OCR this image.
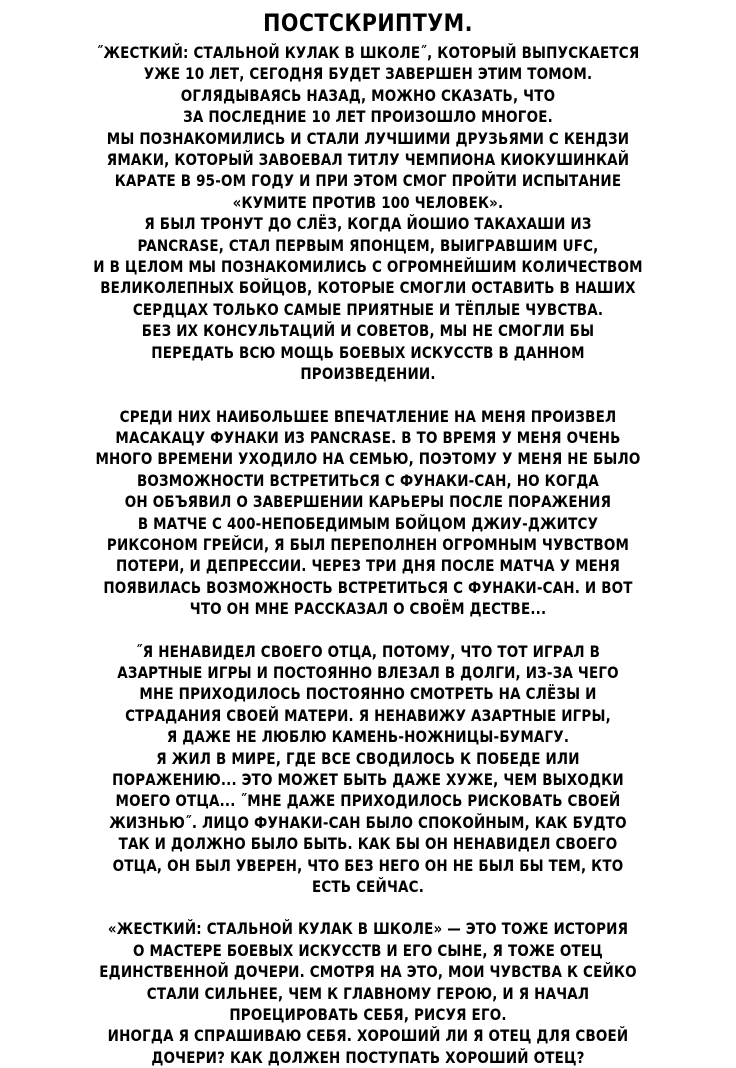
ПОСТСКРИПТУМ.
˝ЖЕСТКИЙ: СТАЛЬНОЙ КУЛАК В ШКОЛЕ˝, КОТОРЫЙ ВЫПУСКАЕТСЯ
УЖЕ 10 ЛЕТ, СЕГОДНЯ БУДЕТ ЗАВЕРШЕН ЭТИМ ТОМОМ.
ОГЛЯДЫВАЯСЬ НАЗАД, МОЖНО СКАЗАТЬ, ЧТО
ЗА ПОСЛЕДНИЕ 10 ЛЕТ ПРОИЗОШЛО МНОГОЕ.
МЫ ПОЗНАКОМИЛИСЬ И СТАЛИ ЛУЧШИМИ ДРУЗЬЯМИ С КЕНДЗИ
ЯМАКИ, КОТОРЫЙ ЗАВОЕВАЛ ТИТЛУ ЧЕМПИОНА КИОКУШИНКАЙ
КАРАТЕ В 95-ОМ ГОДУ И ПРИ ЭТОМ СМОГ ПРОЙТИ ИСПЫТАНИЕ
«КУМИТЕ ПРОТИВ 100 ЧЕЛОВЕК».
Я БЫЛ ТРОНУТ ДО СЛЁЗ, КОГДА ЙОШИО ТАКАХАШИ ИЗ
PANCRASE, СТАЛ ПЕРВЫМ ЯПОНЦЕМ, ВЫИГРАВШИМ UFC,
И В ЦЕЛОМ МЫ ПОЗНАКОМИЛИСЬ С ОГРОМНЕЙШИМ КОЛИЧЕСТВОМ
ВЕЛИКОЛЕПНЫХ БОЙЦОВ, КОТОРЫЕ СМОГЛИ ОСТАВИТЬ В НАШИХ
СЕРДЦАХ ТОЛЬКО САМЫЕ ПРИЯТНЫЕ И ТЁПЛЫЕ ЧУВСТВА.
БЕЗ ИХ КОНСУЛЬТАЦИЙ И СОВЕТОВ, МЫ НЕ СМОГЛИ БЫ
ПЕРЕДАТЬ ВСЮ МОЩЬ БОЕВЫХ ИСКУССТВ В ДАННОМ
ПРОИЗВЕДЕНИИ.
СРЕДИ НИХ НАИБОЛЬШЕЕ ВПЕЧАТЛЕНИЕ НА МЕНЯ ПРОИЗВЕЛ
МАСАКАЦУ ФУНАКИ ИЗ PANCRASE. В ТО ВРЕМЯ У МЕНЯ ОЧЕНЬ
МНОГО ВРЕМЕНИ УХОДИЛО НА СЕМЬЮ, ПОЭТОМУ У МЕНЯ НЕ БЫЛО
ВОЗМОЖНОСТИ ВСТРЕТИТЬСЯ С ФУНАКИ-САН, НО КОГДА
ОН ОБЪЯВИЛ О ЗАВЕРШЕНИИ КАРЬЕРЫ ПОСЛЕ ПОРАЖЕНИЯ
В МАТЧЕ С 400-НЕПОБЕДИМЫМ БОЙЦОМ ДЖИУ-ДЖИТСУ
РИКСОНОМ ГРЕЙСИ, Я БЫЛ ПЕРЕПОЛНЕН ОГРОМНЫМ ЧУВСТВОМ
ПОТЕРИ, И ДЕПРЕССИИ. ЧЕРЕЗ ТРИ ДНЯ ПОСЛЕ МАТЧА У МЕНЯ
ПОЯВИЛАСЬ ВОЗМОЖНОСТЬ ВСТРЕТИТЬСЯ С ФУНАКИ-САН. И ВОТ
ЧТО ОН МНЕ РАССКАЗАЛ О СВОЁМ ДЕСТВЕ...
˝Я НЕНАВИДЕЛ СВОЕГО ОТЦА, ПОТОМУ, ЧТО ТОТ ИГРАЛ В
АЗАРТНЫЕ ИГРЫ И ПОСТОЯННО ВЛЕЗАЛ В ДОЛГИ, ИЗ-ЗА ЧЕГО
МНЕ ПРИХОДИЛОСЬ ПОСТОЯННО СМОТРЕТЬ НА СЛЁЗЫ И
СТРАДАНИЯ СВОЕЙ МАТЕРИ. Я НЕНАВИЖУ АЗАРТНЫЕ ИГРЫ,
Я ДАЖЕ НЕ ЛЮБЛЮ КАМЕНЬ-НОЖНИЦЫ-БУМАГУ.
Я ЖИЛ В МИРЕ, ГДЕ ВСЕ СВОДИЛОСЬ К ПОБЕДЕ ИЛИ
ПОРАЖЕНИЮ... ЭТО МОЖЕТ БЫТЬ ДАЖЕ ХУЖЕ, ЧЕМ ВЫХОДКИ
МОЕГО ОТЦА... ˝МНЕ ДАЖЕ ПРИХОДИЛОСЬ РИСКОВАТЬ СВОЕЙ
ЖИЗНЬЮ˝. ЛИЦО ФУНАКИ-САН БЫЛО СПОКОЙНЫМ, КАК БУДТО
ТАК И ДОЛЖНО БЫЛО БЫТЬ. КАК БЫ ОН НЕНАВИДЕЛ СВОЕГО
ОТЦА, ОН БЫЛ УВЕРЕН, ЧТО БЕЗ НЕГО ОН НЕ БЫЛ БЫ ТЕМ, КТО
ЕСТЬ СЕЙЧАС.
«ЖЕСТКИЙ: СТАЛЬНОЙ КУЛАК В ШКОЛЕ» — ЭТО ТОЖЕ ИСТОРИЯ
О МАСТЕРЕ БОЕВЫХ ИСКУССТВ И ЕГО СЫНЕ, Я ТОЖЕ ОТЕЦ
ЕДИНСТВЕННОЙ ДОЧЕРИ. СМОТРЯ НА ЭТО, МОИ ЧУВСТВА К СЕЙКО
СТАЛИ СИЛЬНЕЕ, ЧЕМ К ГЛАВНОМУ ГЕРОЮ, И Я НАЧАЛ
ПРОЕЦИРОВАТЬ СЕБЯ, РИСУЯ ЕГО.
ИНОГДА Я СПРАШИВАЮ СЕБЯ. ХОРОШИЙ ЛИ Я ОТЕЦ ДЛЯ СВОЕЙ
ДОЧЕРИ? КАК ДОЛЖЕН ПОСТУПАТЬ ХОРОШИЙ ОТЕЦ?
